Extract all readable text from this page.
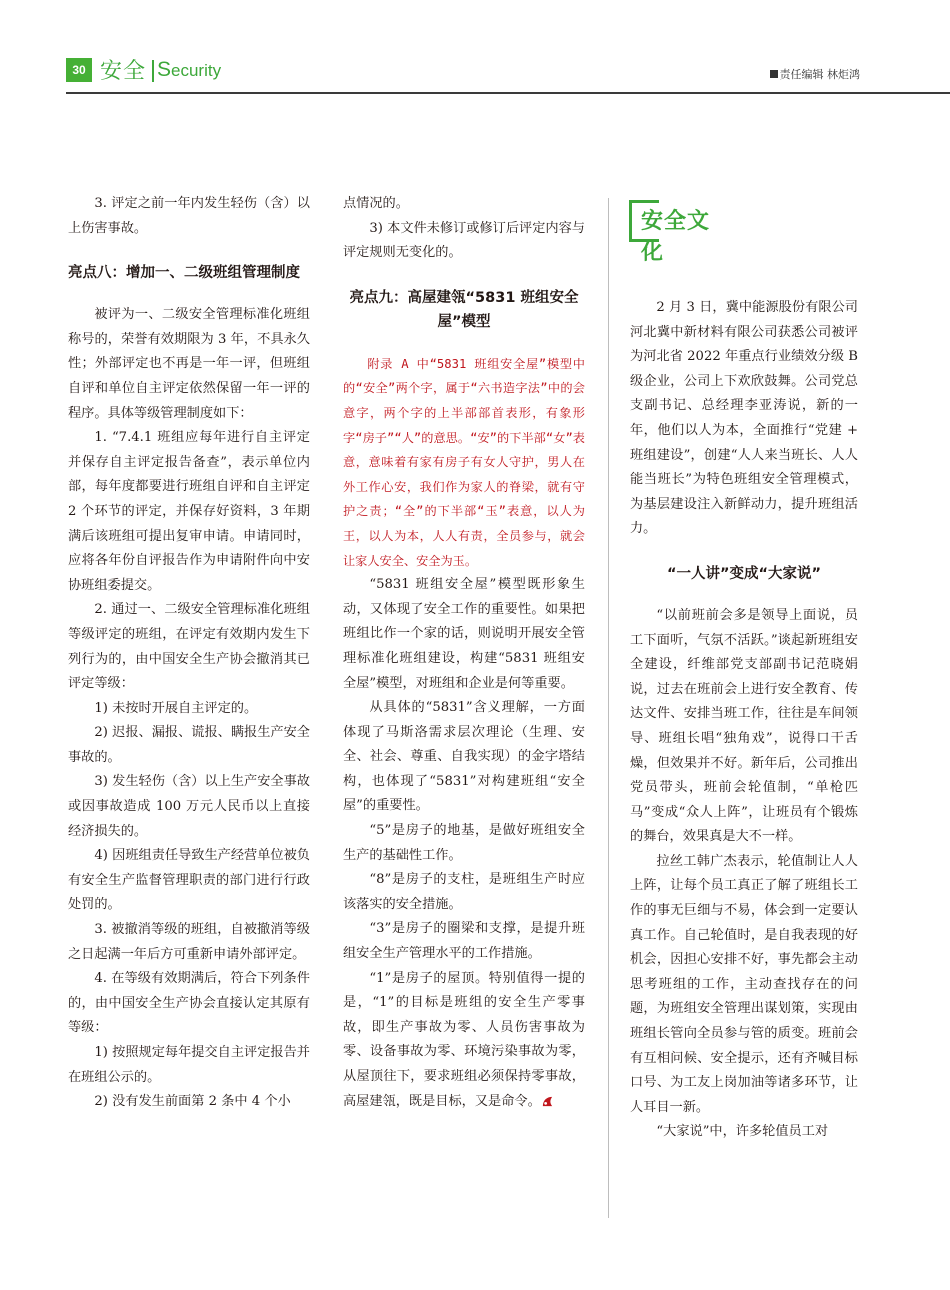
30 安全 Security	责任编辑 林炬鸿

3. 评定之前一年内发生轻伤（含）以上伤害事故。

亮点八：增加一、二级班组管理制度

被评为一、二级安全管理标准化班组称号的，荣誉有效期限为 3 年，不具永久性；外部评定也不再是一年一评，但班组自评和单位自主评定依然保留一年一评的程序。具体等级管理制度如下：

1. “7.4.1 班组应每年进行自主评定并保存自主评定报告备查”，表示单位内部，每年度都要进行班组自评和自主评定 2 个环节的评定，并保存好资料，3 年期满后该班组可提出复审申请。申请同时，应将各年份自评报告作为申请附件向中安协班组委提交。

2. 通过一、二级安全管理标准化班组等级评定的班组，在评定有效期内发生下列行为的，由中国安全生产协会撤消其已评定等级：

1) 未按时开展自主评定的。

2) 迟报、漏报、谎报、瞒报生产安全事故的。

3) 发生轻伤（含）以上生产安全事故或因事故造成 100 万元人民币以上直接经济损失的。

4) 因班组责任导致生产经营单位被负有安全生产监督管理职责的部门进行行政处罚的。

3. 被撤消等级的班组，自被撤消等级之日起满一年后方可重新申请外部评定。

4. 在等级有效期满后，符合下列条件的，由中国安全生产协会直接认定其原有等级：

1) 按照规定每年提交自主评定报告并在班组公示的。

2) 没有发生前面第 2 条中 4 个小

点情况的。

3) 本文件未修订或修订后评定内容与评定规则无变化的。

亮点九：高屋建瓴“5831 班组安全屋”模型

附录 A 中“5831 班组安全屋”模型中的“安全”两个字，属于“六书造字法”中的会意字，两个字的上半部部首表形，有象形字“房子”“人”的意思。“安”的下半部“女”表意，意味着有家有房子有女人守护，男人在外工作心安，我们作为家人的脊梁，就有守护之责；“全”的下半部“玉”表意，以人为王，以人为本，人人有责，全员参与，就会让家人安全、安全为玉。

“5831 班组安全屋”模型既形象生动，又体现了安全工作的重要性。如果把班组比作一个家的话，则说明开展安全管理标准化班组建设，构建“5831 班组安全屋”模型，对班组和企业是何等重要。

从具体的“5831”含义理解，一方面体现了马斯洛需求层次理论（生理、安全、社会、尊重、自我实现）的金字塔结构，也体现了“5831”对构建班组“安全屋”的重要性。

“5”是房子的地基，是做好班组安全生产的基础性工作。

“8”是房子的支柱，是班组生产时应该落实的安全措施。

“3”是房子的圈梁和支撑，是提升班组安全生产管理水平的工作措施。

“1”是房子的屋顶。特别值得一提的是，“1”的目标是班组的安全生产零事故，即生产事故为零、人员伤害事故为零、设备事故为零、环境污染事故为零，从屋顶往下，要求班组必须保持零事故，高屋建瓴，既是目标，又是命令。

安全文化

2 月 3 日，冀中能源股份有限公司河北冀中新材料有限公司获悉公司被评为河北省 2022 年重点行业绩效分级 B 级企业，公司上下欢欣鼓舞。公司党总支副书记、总经理李亚涛说，新的一年，他们以人为本，全面推行“党建 + 班组建设”，创建“人人来当班长、人人能当班长”为特色班组安全管理模式，为基层建设注入新鲜动力，提升班组活力。

“一人讲”变成“大家说”

“以前班前会多是领导上面说，员工下面听，气氛不活跃。”谈起新班组安全建设，纤维部党支部副书记范晓娟说，过去在班前会上进行安全教育、传达文件、安排当班工作，往往是车间领导、班组长唱“独角戏”，说得口干舌燥，但效果并不好。新年后，公司推出党员带头，班前会轮值制，“单枪匹马”变成“众人上阵”，让班员有个锻炼的舞台，效果真是大不一样。

拉丝工韩广杰表示，轮值制让人人上阵，让每个员工真正了解了班组长工作的事无巨细与不易，体会到一定要认真工作。自己轮值时，是自我表现的好机会，因担心安排不好，事先都会主动思考班组的工作，主动查找存在的问题，为班组安全管理出谋划策，实现由班组长管向全员参与管的质变。班前会有互相问候、安全提示，还有齐喊目标口号、为工友上岗加油等诸多环节，让人耳目一新。

“大家说”中，许多轮值员工对
